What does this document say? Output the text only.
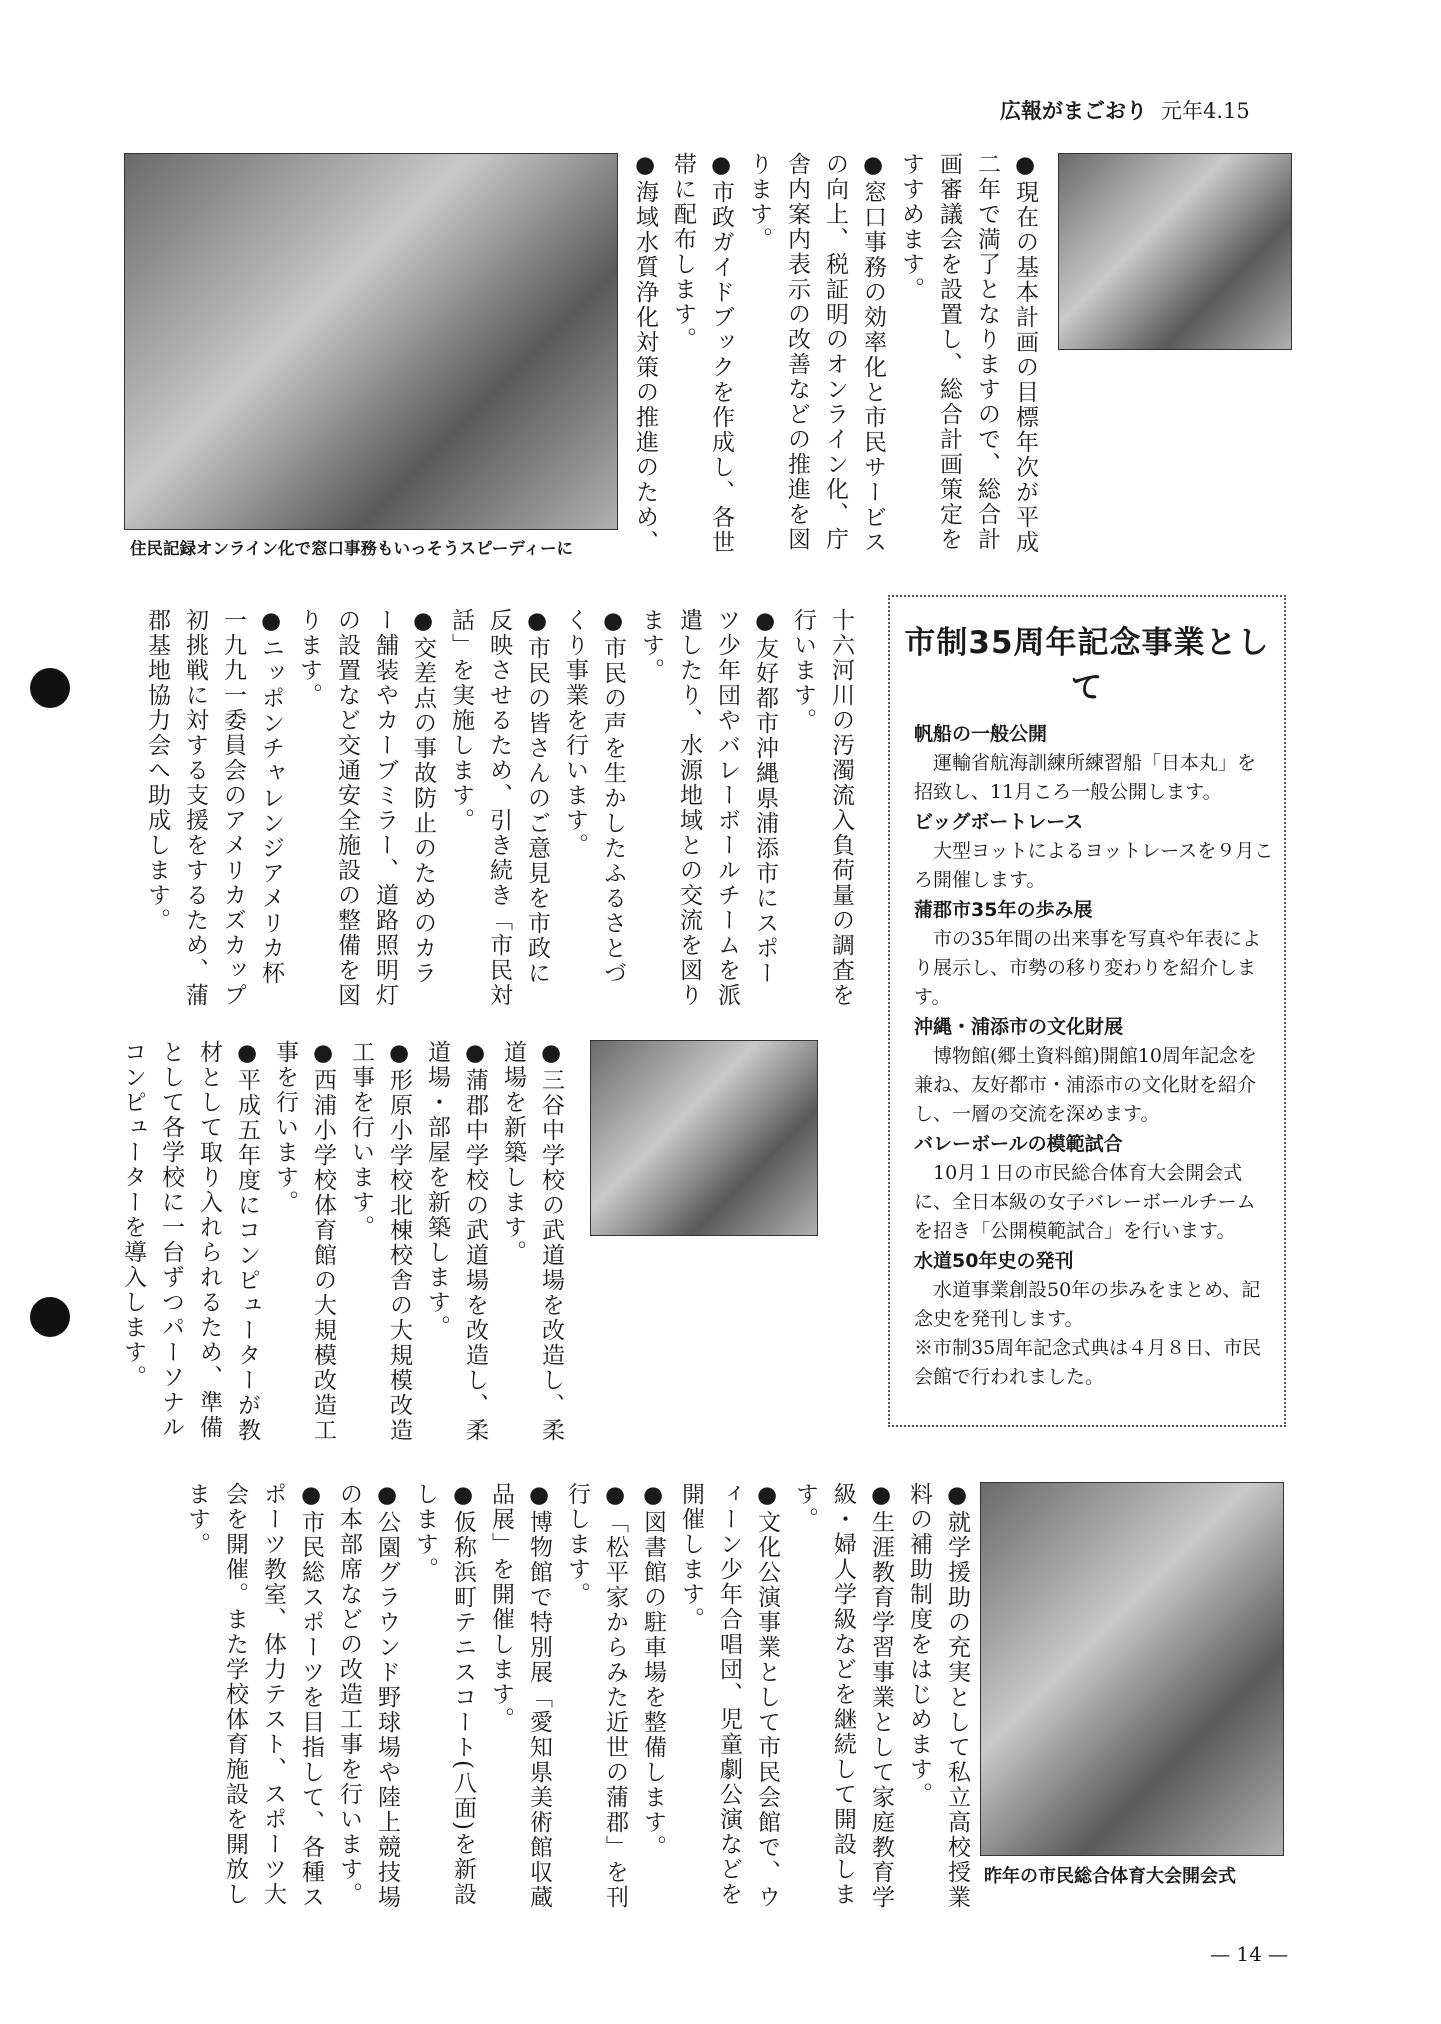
広報がまごおり 元年4.15
住民記録オンライン化で窓口事務もいっそうスピーディーに	●現在の基本計画の目標年次が平成二年で満了となりますので、総合計画審議会を設置し、総合計画策定をすすめます。

●窓口事務の効率化と市民サービスの向上、税証明のオンライン化、庁舎内案内表示の改善などの推進を図ります。

●市政ガイドブックを作成し、各世帯に配布します。

●海域水質浄化対策の推進のため、	夢、かたち、
みんなの声
総務費
24億9,706万円

十六河川の汚濁流入負荷量の調査を行います。

●友好都市沖縄県浦添市にスポーツ少年団やバレーボールチームを派遣したり、水源地域との交流を図ります。

●市民の声を生かしたふるさとづくり事業を行います。

●市民の皆さんのご意見を市政に反映させるため、引き続き「市民対話」を実施します。

●交差点の事故防止のためのカラー舗装やカーブミラー、道路照明灯の設置など交通安全施設の整備を図ります。

●ニッポンチャレンジアメリカ杯一九九一委員会のアメリカズカップ初挑戦に対する支援をするため、蒲郡基地協力会へ助成します。

●三谷中学校の武道場を改造し、柔道場を新築します。

●蒲郡中学校の武道場を改造し、柔道場・部屋を新築します。

●形原小学校北棟校舎の大規模改造工事を行います。

●西浦小学校体育館の大規模改造工事を行います。

●平成五年度にコンピューターが教材として取り入れられるため、準備として各学校に一台ずつパーソナルコンピューターを導入します。	快汗、のびのび、
心豊かに
教育費
21億7,477万円
市制35周年記念事業として
帆船の一般公開
運輸省航海訓練所練習船「日本丸」を招致し、11月ころ一般公開します。
ビッグボートレース
大型ヨットによるヨットレースを９月ころ開催します。
蒲郡市35年の歩み展
市の35年間の出来事を写真や年表により展示し、市勢の移り変わりを紹介します。
沖縄・浦添市の文化財展
博物館(郷土資料館)開館10周年記念を兼ね、友好都市・浦添市の文化財を紹介し、一層の交流を深めます。
バレーボールの模範試合
10月１日の市民総合体育大会開会式に、全日本級の女子バレーボールチームを招き「公開模範試合」を行います。
水道50年史の発刊
水道事業創設50年の歩みをまとめ、記念史を発刊します。
※市制35周年記念式典は４月８日、市民会館で行われました。

●就学援助の充実として私立高校授業料の補助制度をはじめます。

●生涯教育学習事業として家庭教育学級・婦人学級などを継続して開設します。

●文化公演事業として市民会館で、ウィーン少年合唱団、児童劇公演などを開催します。

●図書館の駐車場を整備します。

●「松平家からみた近世の蒲郡」を刊行します。

●博物館で特別展「愛知県美術館収蔵品展」を開催します。

●仮称浜町テニスコート(八面)を新設します。

●公園グラウンド野球場や陸上競技場の本部席などの改造工事を行います。

●市民総スポーツを目指して、各種スポーツ教室、体力テスト、スポーツ大会を開催。また学校体育施設を開放します。

昨年の市民総合体育大会開会式
— 14 —
